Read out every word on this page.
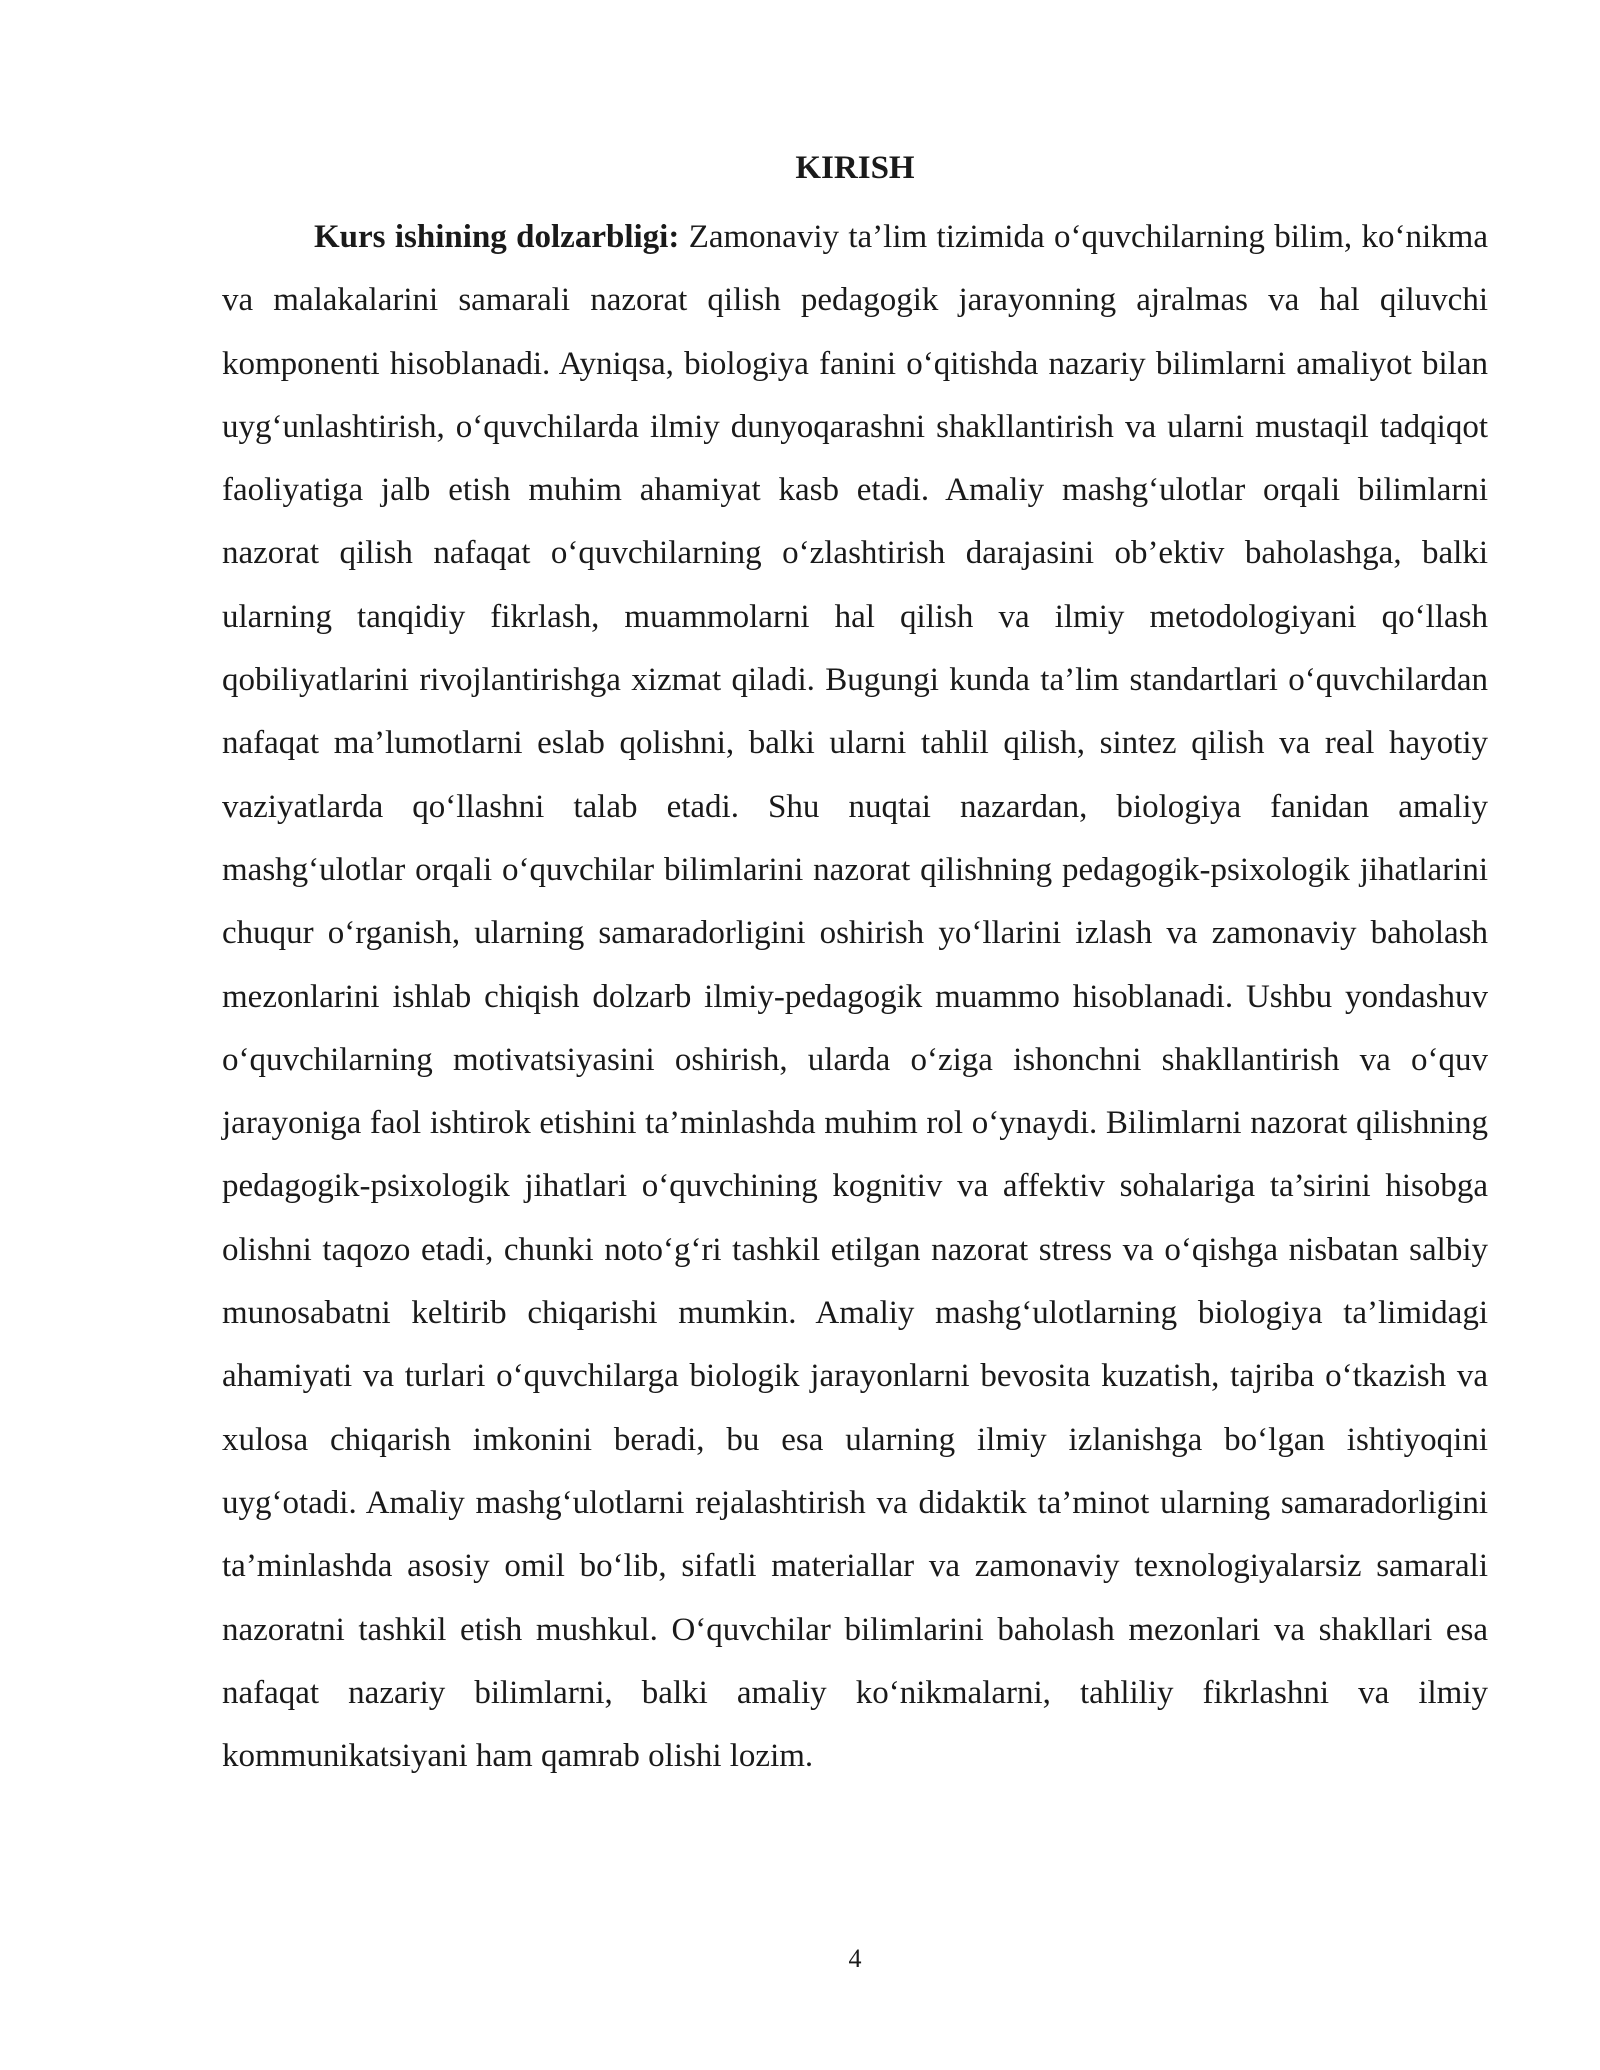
KIRISH

Kurs ishining dolzarbligi: Zamonaviy ta’lim tizimida o‘quvchilarning bilim, ko‘nikma va malakalarini samarali nazorat qilish pedagogik jarayonning ajralmas va hal qiluvchi komponenti hisoblanadi. Ayniqsa, biologiya fanini o‘qitishda nazariy bilimlarni amaliyot bilan uyg‘unlashtirish, o‘quvchilarda ilmiy dunyoqarashni shakllantirish va ularni mustaqil tadqiqot faoliyatiga jalb etish muhim ahamiyat kasb etadi. Amaliy mashg‘ulotlar orqali bilimlarni nazorat qilish nafaqat o‘quvchilarning o‘zlashtirish darajasini ob’ektiv baholashga, balki ularning tanqidiy fikrlash, muammolarni hal qilish va ilmiy metodologiyani qo‘llash qobiliyatlarini rivojlantirishga xizmat qiladi. Bugungi kunda ta’lim standartlari o‘quvchilardan nafaqat ma’lumotlarni eslab qolishni, balki ularni tahlil qilish, sintez qilish va real hayotiy vaziyatlarda qo‘llashni talab etadi. Shu nuqtai nazardan, biologiya fanidan amaliy mashg‘ulotlar orqali o‘quvchilar bilimlarini nazorat qilishning pedagogik-psixologik jihatlarini chuqur o‘rganish, ularning samaradorligini oshirish yo‘llarini izlash va zamonaviy baholash mezonlarini ishlab chiqish dolzarb ilmiy-pedagogik muammo hisoblanadi. Ushbu yondashuv o‘quvchilarning motivatsiyasini oshirish, ularda o‘ziga ishonchni shakllantirish va o‘quv jarayoniga faol ishtirok etishini ta’minlashda muhim rol o‘ynaydi. Bilimlarni nazorat qilishning pedagogik-psixologik jihatlari o‘quvchining kognitiv va affektiv sohalariga ta’sirini hisobga olishni taqozo etadi, chunki noto‘g‘ri tashkil etilgan nazorat stress va o‘qishga nisbatan salbiy munosabatni keltirib chiqarishi mumkin. Amaliy mashg‘ulotlarning biologiya ta’limidagi ahamiyati va turlari o‘quvchilarga biologik jarayonlarni bevosita kuzatish, tajriba o‘tkazish va xulosa chiqarish imkonini beradi, bu esa ularning ilmiy izlanishga bo‘lgan ishtiyoqini uyg‘otadi. Amaliy mashg‘ulotlarni rejalashtirish va didaktik ta’minot ularning samaradorligini ta’minlashda asosiy omil bo‘lib, sifatli materiallar va zamonaviy texnologiyalarsiz samarali nazoratni tashkil etish mushkul. O‘quvchilar bilimlarini baholash mezonlari va shakllari esa nafaqat nazariy bilimlarni, balki amaliy ko‘nikmalarni, tahliliy fikrlashni va ilmiy kommunikatsiyani ham qamrab olishi lozim.

4
